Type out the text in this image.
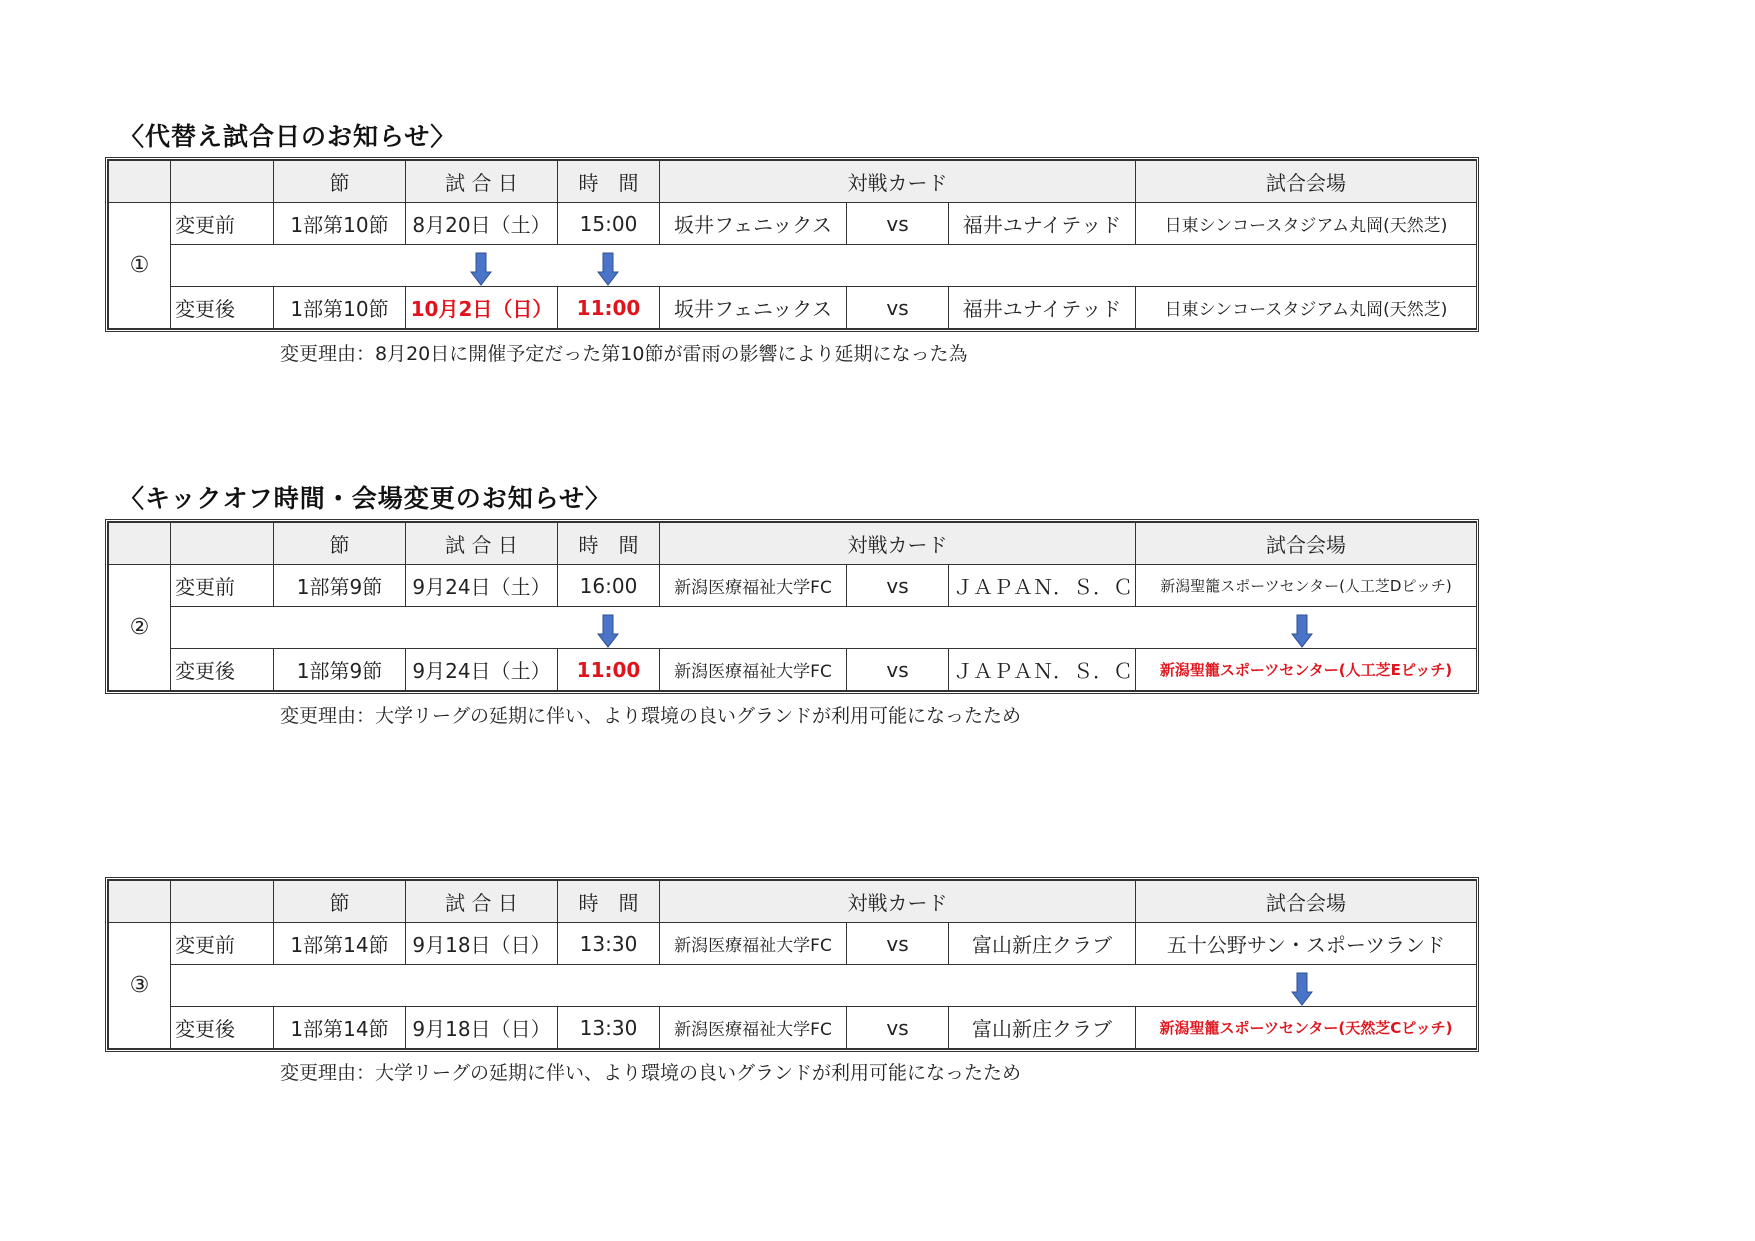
〈代替え試合日のお知らせ〉
		節	試 合 日	時　間	対戦カード			試合会場
①	変更前	1部第10節	8月20日（土）	15:00	坂井フェニックス	vs	福井ユナイテッド	日東シンコースタジアム丸岡(天然芝)

	変更後	1部第10節	10月2日（日）	11:00	坂井フェニックス	vs	福井ユナイテッド	日東シンコースタジアム丸岡(天然芝)
変更理由：8月20日に開催予定だった第10節が雷雨の影響により延期になった為
〈キックオフ時間・会場変更のお知らせ〉
		節	試 合 日	時　間	対戦カード			試合会場
②	変更前	1部第9節	9月24日（土）	16:00	新潟医療福祉大学FC	vs	ＪＡＰＡＮ．Ｓ．Ｃ	新潟聖籠スポーツセンター(人工芝Dピッチ)

	変更後	1部第9節	9月24日（土）	11:00	新潟医療福祉大学FC	vs	ＪＡＰＡＮ．Ｓ．Ｃ	新潟聖籠スポーツセンター(人工芝Eピッチ)
変更理由：大学リーグの延期に伴い、より環境の良いグランドが利用可能になったため
		節	試 合 日	時　間	対戦カード			試合会場
③	変更前	1部第14節	9月18日（日）	13:30	新潟医療福祉大学FC	vs	富山新庄クラブ	五十公野サン・スポーツランド

	変更後	1部第14節	9月18日（日）	13:30	新潟医療福祉大学FC	vs	富山新庄クラブ	新潟聖籠スポーツセンター(天然芝Cピッチ)
変更理由：大学リーグの延期に伴い、より環境の良いグランドが利用可能になったため
